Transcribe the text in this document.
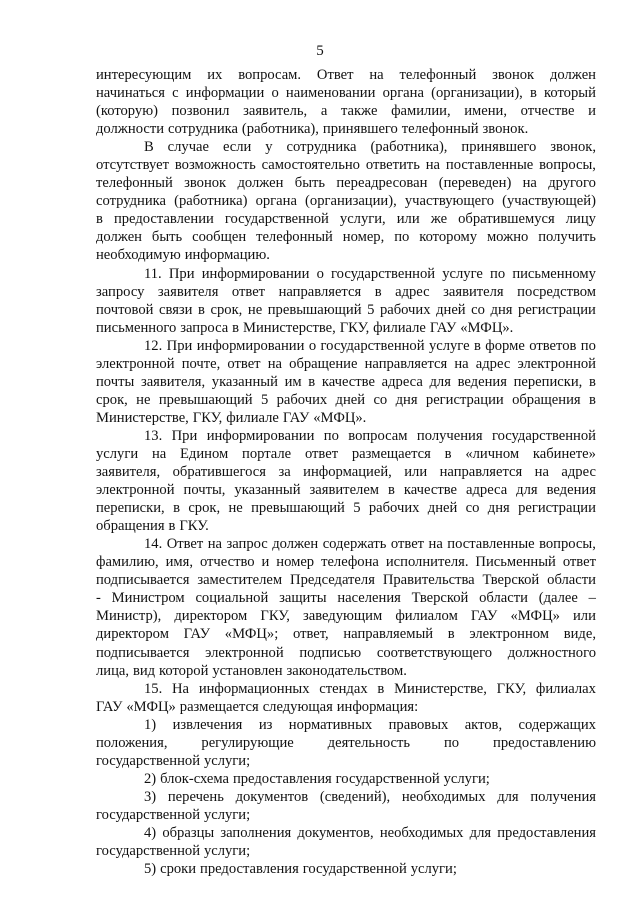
5
интересующим их вопросам. Ответ на телефонный звонок должен
начинаться с информации о наименовании органа (организации), в который
(которую) позвонил заявитель, а также фамилии, имени, отчестве и
должности сотрудника (работника), принявшего телефонный звонок.
В случае если у сотрудника (работника), принявшего звонок,
отсутствует возможность самостоятельно ответить на поставленные вопросы,
телефонный звонок должен быть переадресован (переведен) на другого
сотрудника (работника) органа (организации), участвующего (участвующей)
в предоставлении государственной услуги, или же обратившемуся лицу
должен быть сообщен телефонный номер, по которому можно получить
необходимую информацию.
11. При информировании о государственной услуге по письменному
запросу заявителя ответ направляется в адрес заявителя посредством
почтовой связи в срок, не превышающий 5 рабочих дней со дня регистрации
письменного запроса в Министерстве, ГКУ, филиале ГАУ «МФЦ».
12. При информировании о государственной услуге в форме ответов по
электронной почте, ответ на обращение направляется на адрес электронной
почты заявителя, указанный им в качестве адреса для ведения переписки, в
срок, не превышающий 5 рабочих дней со дня регистрации обращения в
Министерстве, ГКУ, филиале ГАУ «МФЦ».
13. При информировании по вопросам получения государственной
услуги на Едином портале ответ размещается в «личном кабинете»
заявителя, обратившегося за информацией, или направляется на адрес
электронной почты, указанный заявителем в качестве адреса для ведения
переписки, в срок, не превышающий 5 рабочих дней со дня регистрации
обращения в ГКУ.
14. Ответ на запрос должен содержать ответ на поставленные вопросы,
фамилию, имя, отчество и номер телефона исполнителя. Письменный ответ
подписывается заместителем Председателя Правительства Тверской области
- Министром социальной защиты населения Тверской области (далее –
Министр), директором ГКУ, заведующим филиалом ГАУ «МФЦ» или
директором ГАУ «МФЦ»; ответ, направляемый в электронном виде,
подписывается электронной подписью соответствующего должностного
лица, вид которой установлен законодательством.
15. На информационных стендах в Министерстве, ГКУ, филиалах
ГАУ «МФЦ» размещается следующая информация:
1) извлечения из нормативных правовых актов, содержащих
положения, регулирующие деятельность по предоставлению
государственной услуги;
2) блок-схема предоставления государственной услуги;
3) перечень документов (сведений), необходимых для получения
государственной услуги;
4) образцы заполнения документов, необходимых для предоставления
государственной услуги;
5) сроки предоставления государственной услуги;
